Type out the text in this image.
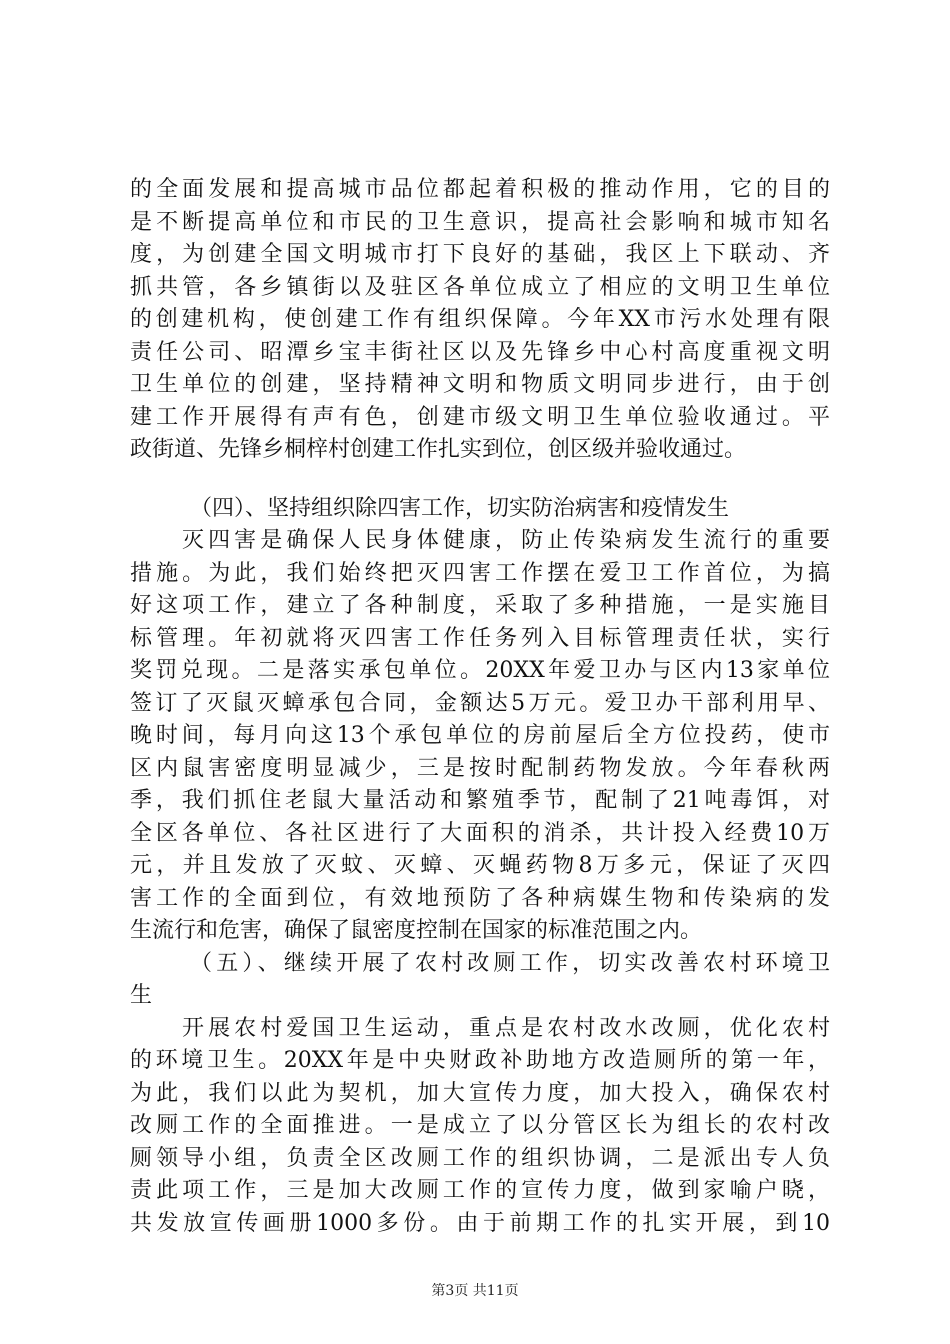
的全面发展和提高城市品位都起着积极的推动作用，它的目的
是不断提高单位和市民的卫生意识，提高社会影响和城市知名
度，为创建全国文明城市打下良好的基础，我区上下联动、齐
抓共管，各乡镇街以及驻区各单位成立了相应的文明卫生单位
的创建机构，使创建工作有组织保障。今年XX市污水处理有限
责任公司、昭潭乡宝丰街社区以及先锋乡中心村高度重视文明
卫生单位的创建，坚持精神文明和物质文明同步进行，由于创
建工作开展得有声有色，创建市级文明卫生单位验收通过。平
政街道、先锋乡桐梓村创建工作扎实到位，创区级并验收通过。
（四）、坚持组织除四害工作，切实防治病害和疫情发生
灭四害是确保人民身体健康，防止传染病发生流行的重要
措施。为此，我们始终把灭四害工作摆在爱卫工作首位，为搞
好这项工作，建立了各种制度，采取了多种措施，一是实施目
标管理。年初就将灭四害工作任务列入目标管理责任状，实行
奖罚兑现。二是落实承包单位。20XX年爱卫办与区内13家单位
签订了灭鼠灭蟑承包合同，金额达5万元。爱卫办干部利用早、
晚时间，每月向这13个承包单位的房前屋后全方位投药，使市
区内鼠害密度明显减少，三是按时配制药物发放。今年春秋两
季，我们抓住老鼠大量活动和繁殖季节，配制了21吨毒饵，对
全区各单位、各社区进行了大面积的消杀，共计投入经费10万
元，并且发放了灭蚊、灭蟑、灭蝇药物8万多元，保证了灭四
害工作的全面到位，有效地预防了各种病媒生物和传染病的发
生流行和危害，确保了鼠密度控制在国家的标准范围之内。
（五）、继续开展了农村改厕工作，切实改善农村环境卫
生
开展农村爱国卫生运动，重点是农村改水改厕，优化农村
的环境卫生。20XX年是中央财政补助地方改造厕所的第一年，
为此，我们以此为契机，加大宣传力度，加大投入，确保农村
改厕工作的全面推进。一是成立了以分管区长为组长的农村改
厕领导小组，负责全区改厕工作的组织协调，二是派出专人负
责此项工作，三是加大改厕工作的宣传力度，做到家喻户晓，
共发放宣传画册1000多份。由于前期工作的扎实开展，到10
第3页 共11页
